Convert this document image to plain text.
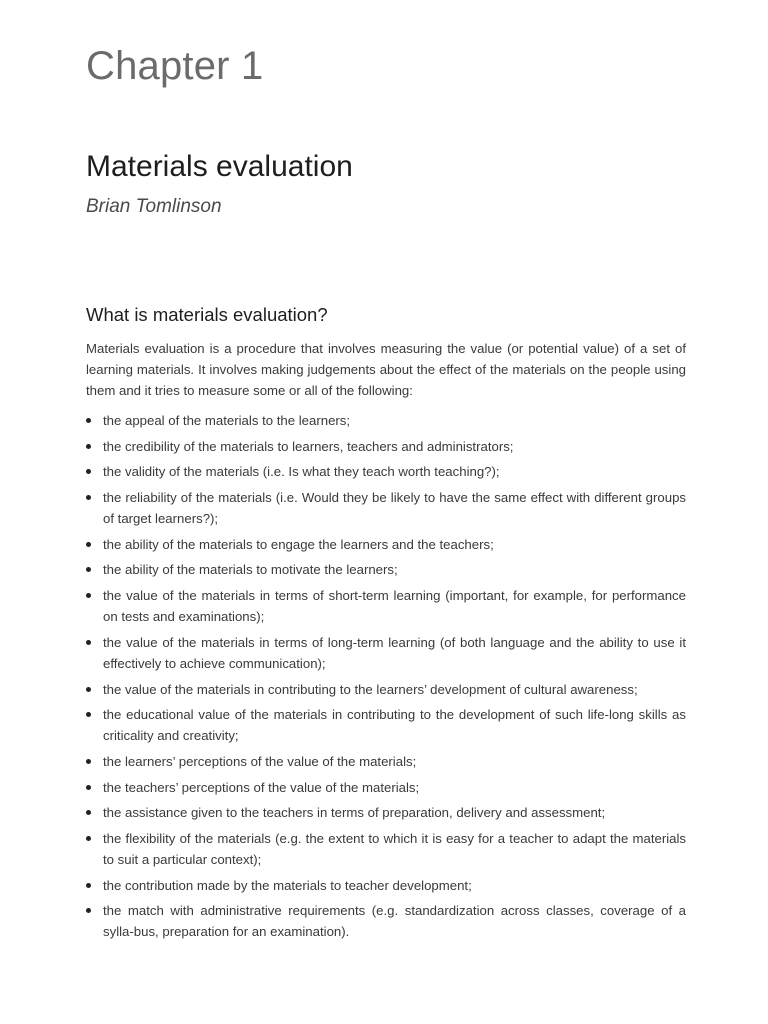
Chapter 1
Materials evaluation
Brian Tomlinson
What is materials evaluation?

Materials evaluation is a procedure that involves measuring the value (or potential value) of a set of learning materials. It involves making judgements about the effect of the materials on the people using them and it tries to measure some or all of the following:

the appeal of the materials to the learners;
the credibility of the materials to learners, teachers and administrators;
the validity of the materials (i.e. Is what they teach worth teaching?);
the reliability of the materials (i.e. Would they be likely to have the same effect with different groups of target learners?);
the ability of the materials to engage the learners and the teachers;
the ability of the materials to motivate the learners;
the value of the materials in terms of short-term learning (important, for example, for performance on tests and examinations);
the value of the materials in terms of long-term learning (of both language and the ability to use it effectively to achieve communication);
the value of the materials in contributing to the learners’ development of cultural awareness;
the educational value of the materials in contributing to the development of such life-long skills as criticality and creativity;
the learners’ perceptions of the value of the materials;
the teachers’ perceptions of the value of the materials;
the assistance given to the teachers in terms of preparation, delivery and assessment;
the flexibility of the materials (e.g. the extent to which it is easy for a teacher to adapt the materials to suit a particular context);
the contribution made by the materials to teacher development;
the match with administrative requirements (e.g. standardization across classes, coverage of a sylla-bus, preparation for an examination).
